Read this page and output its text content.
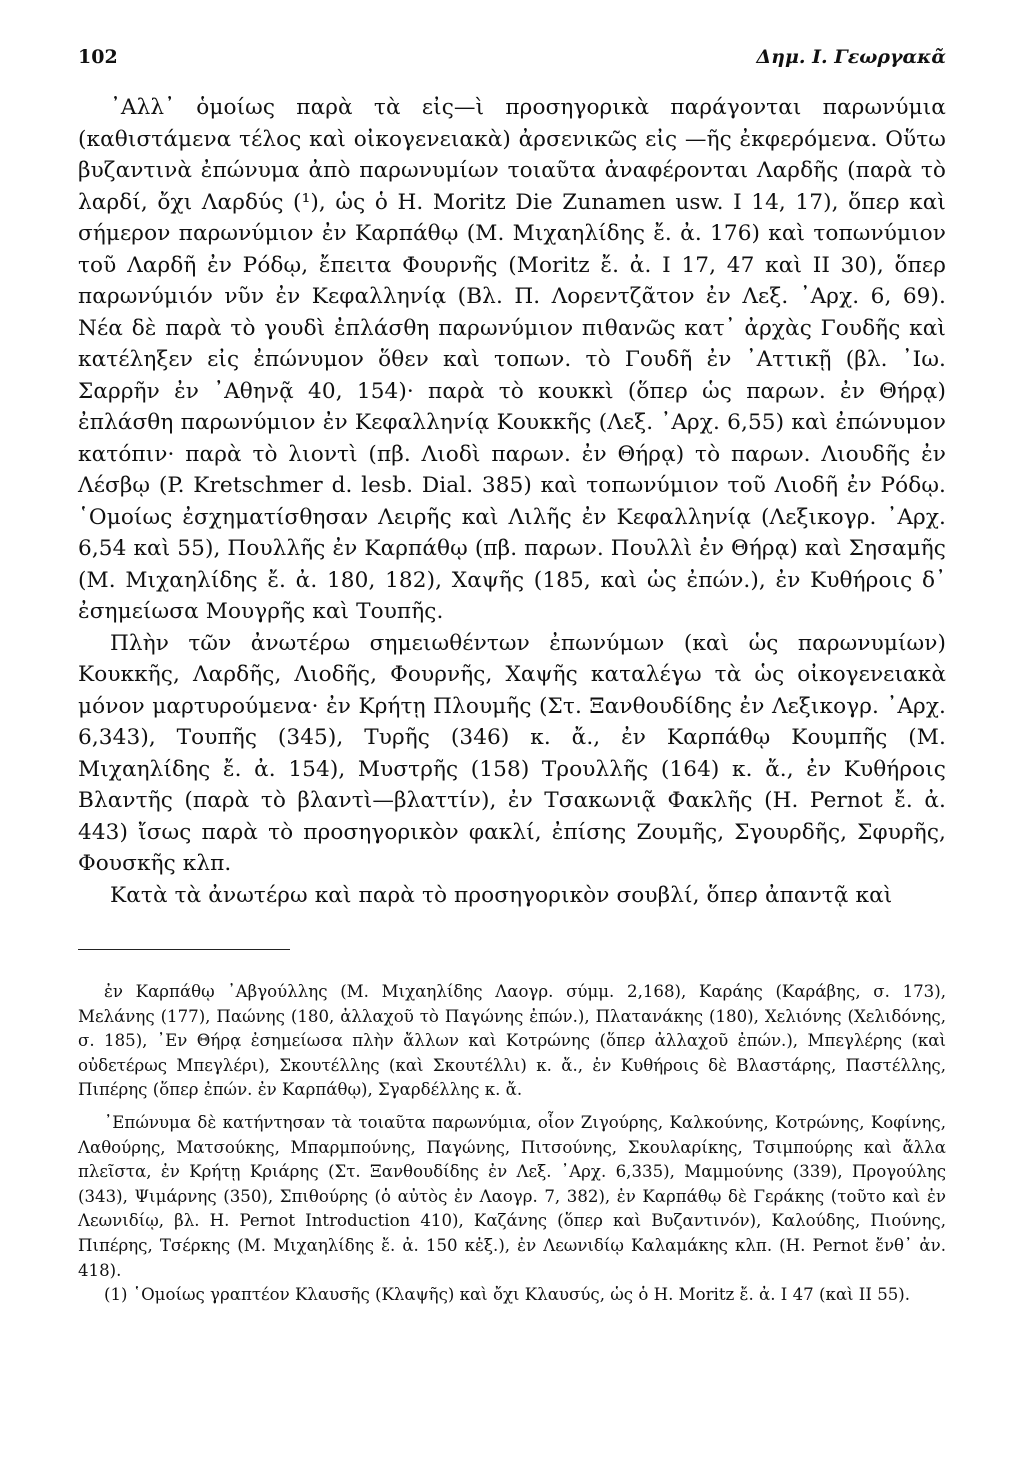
102	Δημ. Ι. Γεωργακᾶ

᾿Αλλ᾿ ὁμοίως παρὰ τὰ εἰς—ὶ προσηγορικὰ παράγονται παρωνύμια (καθιστάμενα τέλος καὶ οἰκογενειακὰ) ἀρσενικῶς εἰς —ῆς ἐκφερόμενα. Οὕτω βυζαντινὰ ἐπώνυμα ἀπὸ παρωνυμίων τοιαῦτα ἀναφέρονται Λαρδῆς (παρὰ τὸ λαρδί, ὄχι Λαρδύς (¹), ὡς ὁ H. Moritz Die Zunamen usw. I 14, 17), ὅπερ καὶ σήμερον παρωνύμιον ἐν Καρπάθῳ (Μ. Μιχαηλίδης ἔ. ἀ. 176) καὶ τοπωνύμιον τοῦ Λαρδῆ ἐν Ρόδῳ, ἔπειτα Φουρνῆς (Moritz ἔ. ἀ. I 17, 47 καὶ II 30), ὅπερ παρωνύμιόν νῦν ἐν Κεφαλληνίᾳ (Βλ. Π. Λορεντζᾶτον ἐν Λεξ. ᾿Αρχ. 6, 69). Νέα δὲ παρὰ τὸ γουδὶ ἐπλάσθη παρωνύμιον πιθανῶς κατ᾿ ἀρχὰς Γουδῆς καὶ κατέληξεν εἰς ἐπώνυμον ὅθεν καὶ τοπων. τὸ Γουδῆ ἐν ᾿Αττικῇ (βλ. ᾿Ιω. Σαρρῆν ἐν ᾿Αθηνᾷ 40, 154)· παρὰ τὸ κουκκὶ (ὅπερ ὡς παρων. ἐν Θήρᾳ) ἐπλάσθη παρωνύμιον ἐν Κεφαλληνίᾳ Κουκκῆς (Λεξ. ᾿Αρχ. 6,55) καὶ ἐπώνυμον κατόπιν· παρὰ τὸ λιοντὶ (πβ. Λιοδὶ παρων. ἐν Θήρᾳ) τὸ παρων. Λιουδῆς ἐν Λέσβῳ (P. Kretschmer d. lesb. Dial. 385) καὶ τοπωνύμιον τοῦ Λιοδῆ ἐν Ρόδῳ. ῾Ομοίως ἐσχηματίσθησαν Λειρῆς καὶ Λιλῆς ἐν Κεφαλληνίᾳ (Λεξικογρ. ᾿Αρχ. 6,54 καὶ 55), Πουλλῆς ἐν Καρπάθῳ (πβ. παρων. Πουλλὶ ἐν Θήρᾳ) καὶ Σησαμῆς (Μ. Μιχαηλίδης ἔ. ἀ. 180, 182), Χαψῆς (185, καὶ ὡς ἐπών.), ἐν Κυθήροις δ᾿ ἐσημείωσα Μουγρῆς καὶ Τουπῆς.

Πλὴν τῶν ἀνωτέρω σημειωθέντων ἐπωνύμων (καὶ ὡς παρωνυμίων) Κουκκῆς, Λαρδῆς, Λιοδῆς, Φουρνῆς, Χαψῆς καταλέγω τὰ ὡς οἰκογενειακὰ μόνον μαρτυρούμενα· ἐν Κρήτῃ Πλουμῆς (Στ. Ξανθουδίδης ἐν Λεξικογρ. ᾿Αρχ. 6,343), Τουπῆς (345), Τυρῆς (346) κ. ἄ., ἐν Καρπάθῳ Κουμπῆς (Μ. Μιχαηλίδης ἔ. ἀ. 154), Μυστρῆς (158) Τρουλλῆς (164) κ. ἄ., ἐν Κυθήροις Βλαντῆς (παρὰ τὸ βλαντὶ—βλαττίν), ἐν Τσακωνιᾷ Φακλῆς (H. Pernot ἔ. ἀ. 443) ἴσως παρὰ τὸ προσηγορικὸν φακλί, ἐπίσης Ζουμῆς, Σγουρδῆς, Σφυρῆς, Φουσκῆς κλπ.

Κατὰ τὰ ἀνωτέρω καὶ παρὰ τὸ προσηγορικὸν σουβλί, ὅπερ ἀπαντᾷ καὶ

ἐν Καρπάθῳ ᾿Αβγούλλης (Μ. Μιχαηλίδης Λαογρ. σύμμ. 2,168), Καράης (Καράβης, σ. 173), Μελάνης (177), Παώνης (180, ἀλλαχοῦ τὸ Παγώνης ἐπών.), Πλατανάκης (180), Χελιόνης (Χελιδόνης, σ. 185), ᾿Εν Θήρᾳ ἐσημείωσα πλὴν ἄλλων καὶ Κοτρώνης (ὅπερ ἀλλαχοῦ ἐπών.), Μπεγλέρης (καὶ οὐδετέρως Μπεγλέρι), Σκουτέλλης (καὶ Σκουτέλλι) κ. ἄ., ἐν Κυθήροις δὲ Βλαστάρης, Παστέλλης, Πιπέρης (ὅπερ ἐπών. ἐν Καρπάθῳ), Σγαρδέλλης κ. ἄ.

᾿Επώνυμα δὲ κατήντησαν τὰ τοιαῦτα παρωνύμια, οἷον Ζιγούρης, Καλκούνης, Κοτρώνης, Κοφίνης, Λαθούρης, Ματσούκης, Μπαρμπούνης, Παγώνης, Πιτσούνης, Σκουλαρίκης, Τσιμπούρης καὶ ἄλλα πλεῖστα, ἐν Κρήτῃ Κριάρης (Στ. Ξανθουδίδης ἐν Λεξ. ᾿Αρχ. 6,335), Μαμμούνης (339), Προγούλης (343), Ψιμάρνης (350), Σπιθούρης (ὁ αὐτὸς ἐν Λαογρ. 7, 382), ἐν Καρπάθῳ δὲ Γεράκης (τοῦτο καὶ ἐν Λεωνιδίῳ, βλ. H. Pernot Introduction 410), Καζάνης (ὅπερ καὶ Βυζαντινόν), Καλούδης, Πιούνης, Πιπέρης, Τσέρκης (Μ. Μιχαηλίδης ἔ. ἀ. 150 κἑξ.), ἐν Λεωνιδίῳ Καλαμάκης κλπ. (H. Pernot ἔνθ᾿ ἀν. 418).

(1) ῾Ομοίως γραπτέον Κλαυσῆς (Κλαψῆς) καὶ ὄχι Κλαυσύς, ὡς ὁ H. Moritz ἔ. ἀ. I 47 (καὶ II 55).
